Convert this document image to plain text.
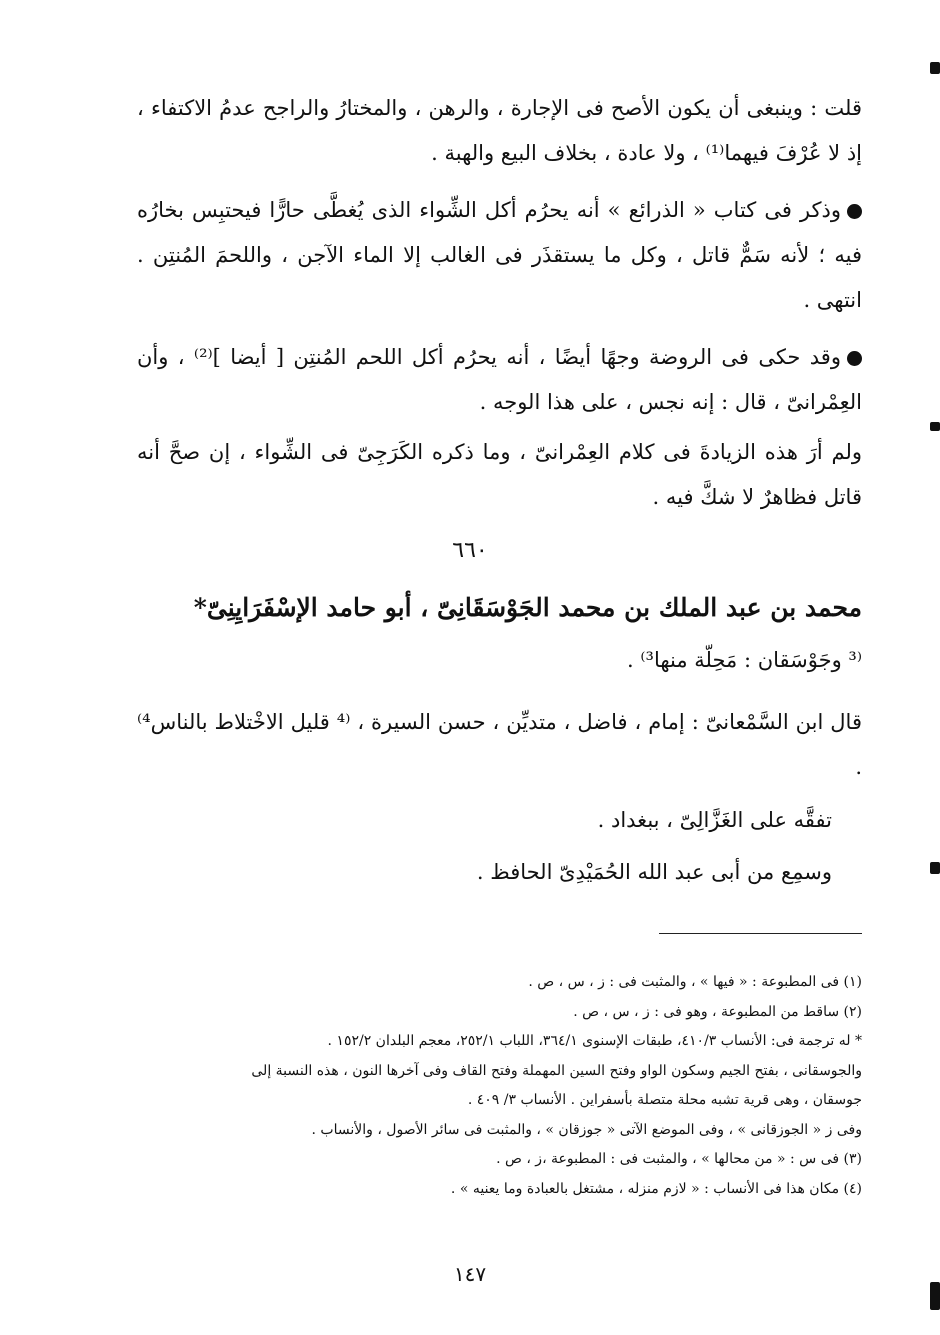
قلت : وينبغى أن يكون الأصح فى الإجارة ، والرهن ، والمختارُ والراجح عدمُ الاكتفاء ، إذ لا عُرْفَ فيهما⁽¹⁾ ، ولا عادة ، بخلاف البيع والهبة .

وذكر فى كتاب « الذرائع » أنه يحرُم أكل الشِّواء الذى يُغطَّى حارًّا فيحتبِس بخارُه فيه ؛ لأنه سَمٌّ قاتل ، وكل ما يستقذَر فى الغالب إلا الماء الآجن ، واللحمَ المُنتِن . انتهى .

وقد حكى فى الروضة وجهًا أيضًا ، أنه يحرُم أكل اللحم المُنتِن [ أيضا ]⁽²⁾ ، وأن العِمْرانىّ ، قال : إنه نجس ، على هذا الوجه .

ولم أرَ هذه الزيادةَ فى كلام العِمْرانىّ ، وما ذكره الكَرَجِىّ فى الشِّواء ، إن صحَّ أنه قاتل فظاهرٌ لا شكَّ فيه .

٦٦٠
محمد بن عبد الملك بن محمد الجَوْسَقَانِىّ ، أبو حامد الإسْفَرَايِنِىّ*
⁽³ وجَوْسَقان : مَحِلّة منها³⁾ .

قال ابن السَّمْعانىّ : إمام ، فاضل ، متديِّن ، حسن السيرة ، ⁽⁴ قليل الاخْتلاط بالناس⁴⁾ .

تفقَّه على الغَزَّالِىّ ، ببغداد .

وسمِع من أبى عبد الله الحُمَيْدِىّ الحافظ .

(١) فى المطبوعة : « فيها » ، والمثبت فى : ز ، س ، ص .

(٢) ساقط من المطبوعة ، وهو فى : ز ، س ، ص .

* له ترجمة فى: الأنساب ٤١٠/٣، طبقات الإسنوى ٣٦٤/١، اللباب ٢٥٢/١، معجم البلدان ١٥٢/٢ .

والجوسقانى ، بفتح الجيم وسكون الواو وفتح السين المهملة وفتح القاف وفى آخرها النون ، هذه النسبة إلى

جوسقان ، وهى قرية تشبه محلة متصلة بأسفراين . الأنساب ٣/ ٤٠٩ .

وفى ز « الجوزقانى » ، وفى الموضع الآتى « جوزقان » ، والمثبت فى سائر الأصول ، والأنساب .

(٣) فى س : « من محالها » ، والمثبت فى : المطبوعة ،ز ، ص .

(٤) مكان هذا فى الأنساب : « لازم منزله ، مشتغل بالعبادة وما يعنيه » .

١٤٧
